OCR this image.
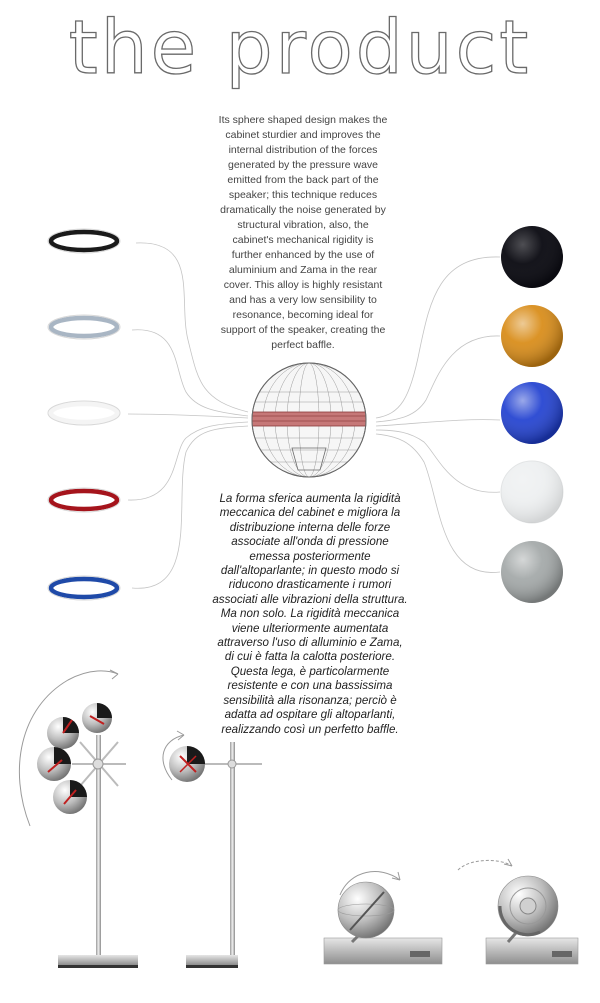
the product
Its sphere shaped design makes the cabinet sturdier and improves the internal distribution of the forces generated by the pressure wave emitted from the back part of the speaker; this technique reduces dramatically the noise generated by structural vibration, also, the cabinet's mechanical rigidity is further enhanced by the use of aluminium and Zama in the rear cover. This alloy is highly resistant and has a very low sensibility to resonance, becoming ideal for support of the speaker, creating the perfect baffle.
La forma sferica aumenta la rigidità meccanica del cabinet e migliora la distribuzione interna delle forze associate all'onda di pressione emessa posteriormente dall'altoparlante; in questo modo si riducono drasticamente i rumori associati alle vibrazioni della struttura. Ma non solo. La rigidità meccanica viene ulteriormente aumentata attraverso l'uso di alluminio e Zama, di cui è fatta la calotta posteriore. Questa lega, è particolarmente resistente e con una bassissima sensibilità alla risonanza; perciò è adatta ad ospitare gli altoparlanti, realizzando così un perfetto baffle.
